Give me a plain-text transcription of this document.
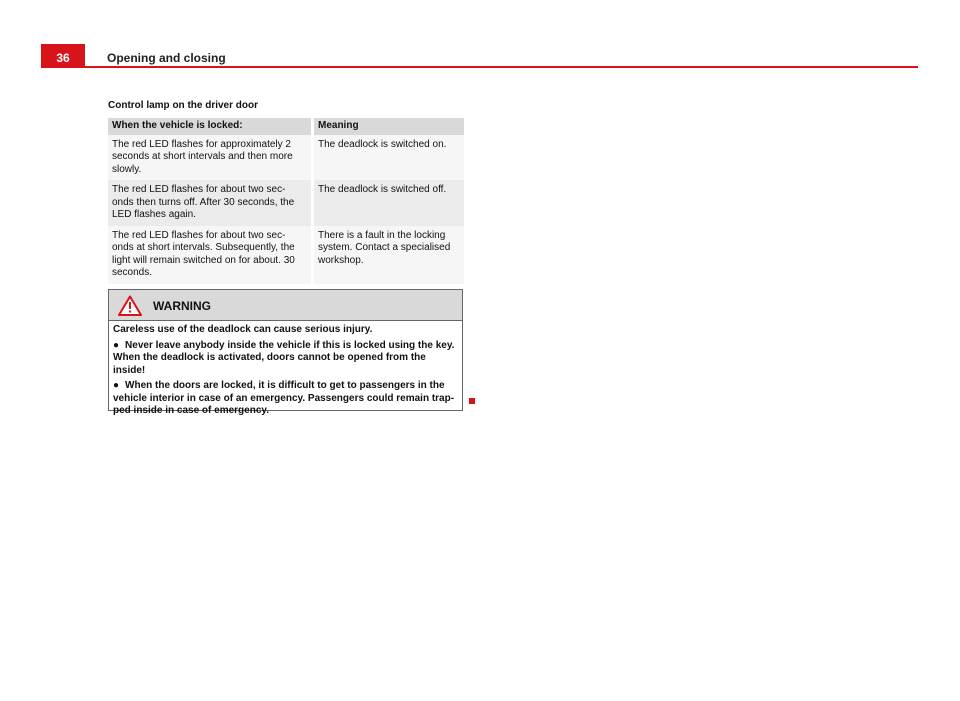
36	Opening and closing
Control lamp on the driver door
When the vehicle is locked:	Meaning
The red LED flashes for approximately 2 seconds at short intervals and then more slowly.	The deadlock is switched on.
The red LED flashes for about two sec- onds then turns off. After 30 seconds, the LED flashes again.	The deadlock is switched off.
The red LED flashes for about two sec- onds at short intervals. Subsequently, the light will remain switched on for about. 30 seconds.	There is a fault in the locking system. Contact a specialised workshop.
WARNING

Careless use of the deadlock can cause serious injury.

● Never leave anybody inside the vehicle if this is locked using the key. When the deadlock is activated, doors cannot be opened from the inside!

● When the doors are locked, it is difficult to get to passengers in the vehicle interior in case of an emergency. Passengers could remain trap- ped inside in case of emergency.
